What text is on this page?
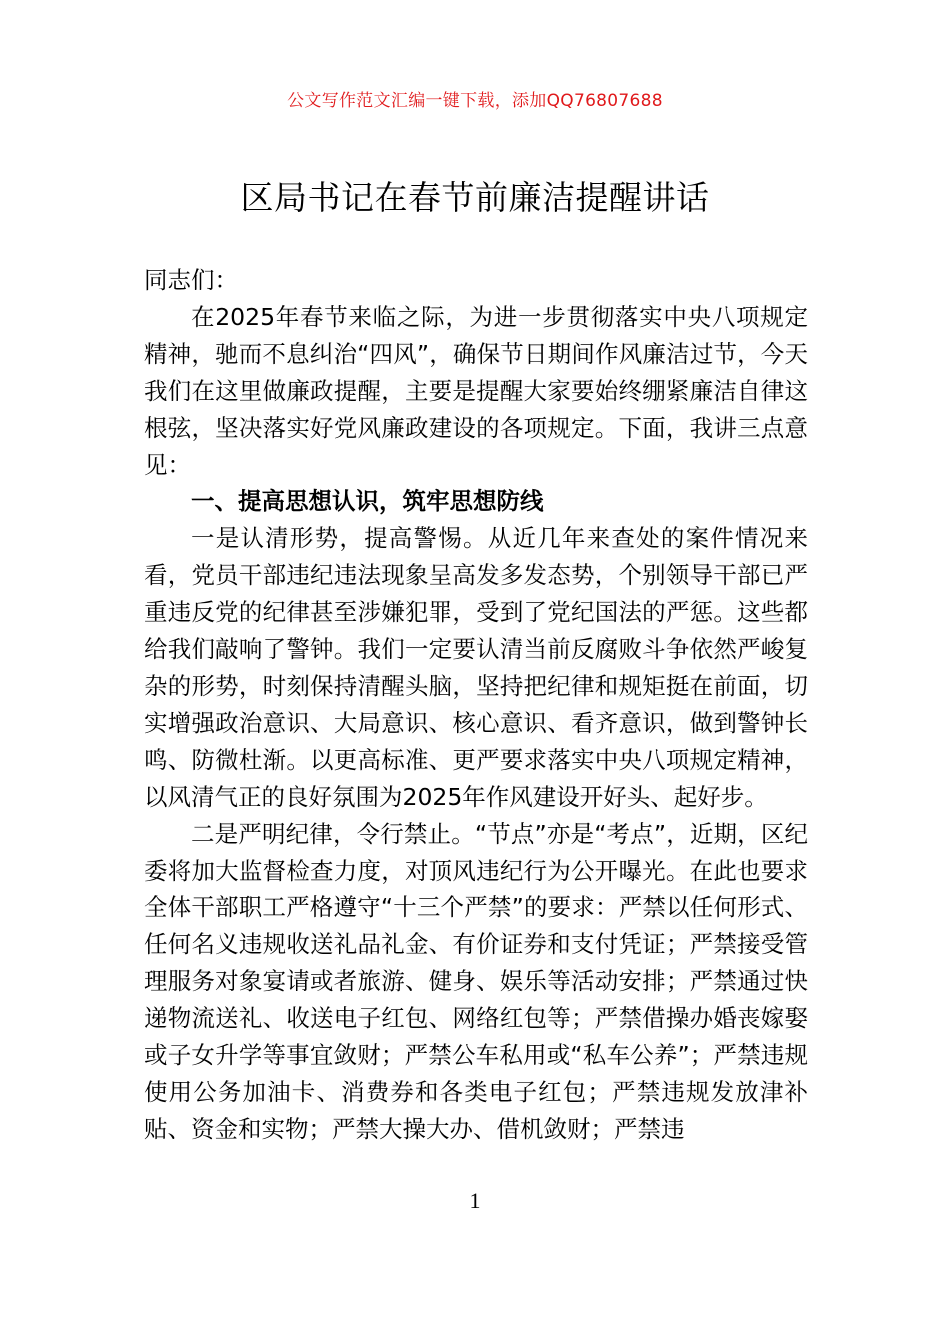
公文写作范文汇编一键下载，添加QQ76807688
区局书记在春节前廉洁提醒讲话

同志们：

在2025年春节来临之际，为进一步贯彻落实中央八项规定精神，驰而不息纠治“四风”，确保节日期间作风廉洁过节，今天我们在这里做廉政提醒，主要是提醒大家要始终绷紧廉洁自律这根弦，坚决落实好党风廉政建设的各项规定。下面，我讲三点意见：

一、提高思想认识，筑牢思想防线

一是认清形势，提高警惕。从近几年来查处的案件情况来看，党员干部违纪违法现象呈高发多发态势，个别领导干部已严重违反党的纪律甚至涉嫌犯罪，受到了党纪国法的严惩。这些都给我们敲响了警钟。我们一定要认清当前反腐败斗争依然严峻复杂的形势，时刻保持清醒头脑，坚持把纪律和规矩挺在前面，切实增强政治意识、大局意识、核心意识、看齐意识，做到警钟长鸣、防微杜渐。以更高标准、更严要求落实中央八项规定精神，以风清气正的良好氛围为2025年作风建设开好头、起好步。

二是严明纪律，令行禁止。“节点”亦是“考点”，近期，区纪委将加大监督检查力度，对顶风违纪行为公开曝光。在此也要求全体干部职工严格遵守“十三个严禁”的要求：严禁以任何形式、任何名义违规收送礼品礼金、有价证券和支付凭证；严禁接受管理服务对象宴请或者旅游、健身、娱乐等活动安排；严禁通过快递物流送礼、收送电子红包、网络红包等；严禁借操办婚丧嫁娶或子女升学等事宜敛财；严禁公车私用或“私车公养”；严禁违规使用公务加油卡、消费券和各类电子红包；严禁违规发放津补贴、资金和实物；严禁大操大办、借机敛财；严禁违

1
